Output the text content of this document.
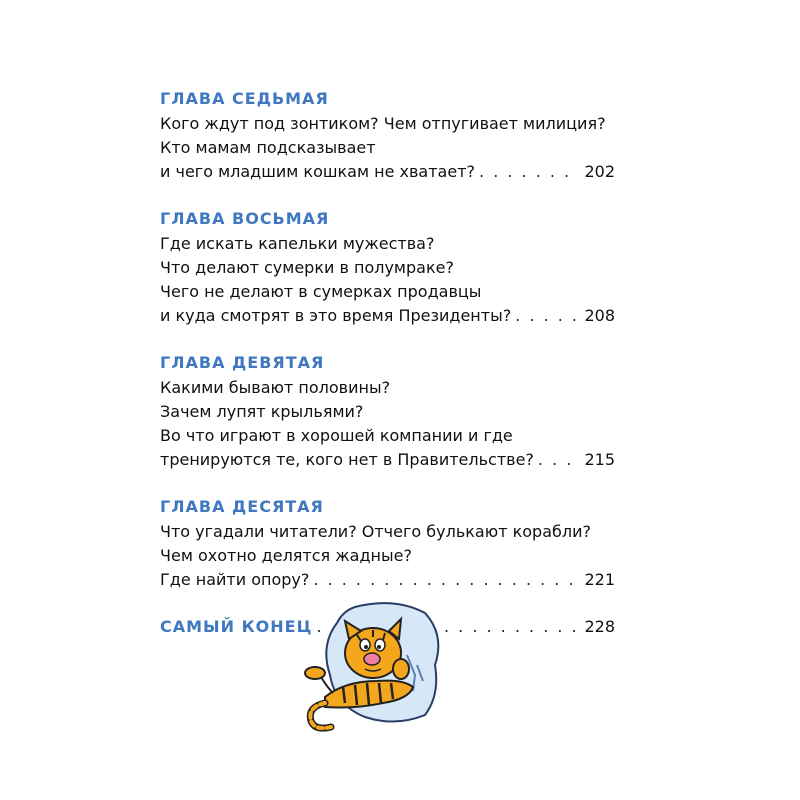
ГЛАВА СЕДЬМАЯ
Кого ждут под зонтиком? Чем отпугивает милиция?
Кто мамам подсказывает
и чего младшим кошкам не хватает? . . .	202
ГЛАВА ВОСЬМАЯ
Где искать капельки мужества?
Что делают сумерки в полумраке?
Чего не делают в сумерках продавцы
и куда смотрят в это время Президенты? . . .	208
ГЛАВА ДЕВЯТАЯ
Какими бывают половины?
Зачем лупят крыльями?
Во что играют в хорошей компании и где
тренируются те, кого нет в Правительстве? . . .	215
ГЛАВА ДЕСЯТАЯ
Что угадали читатели? Отчего булькают корабли?
Чем охотно делятся жадные?
Где найти опору? . . .	221
САМЫЙ КОНЕЦ . . .	228
